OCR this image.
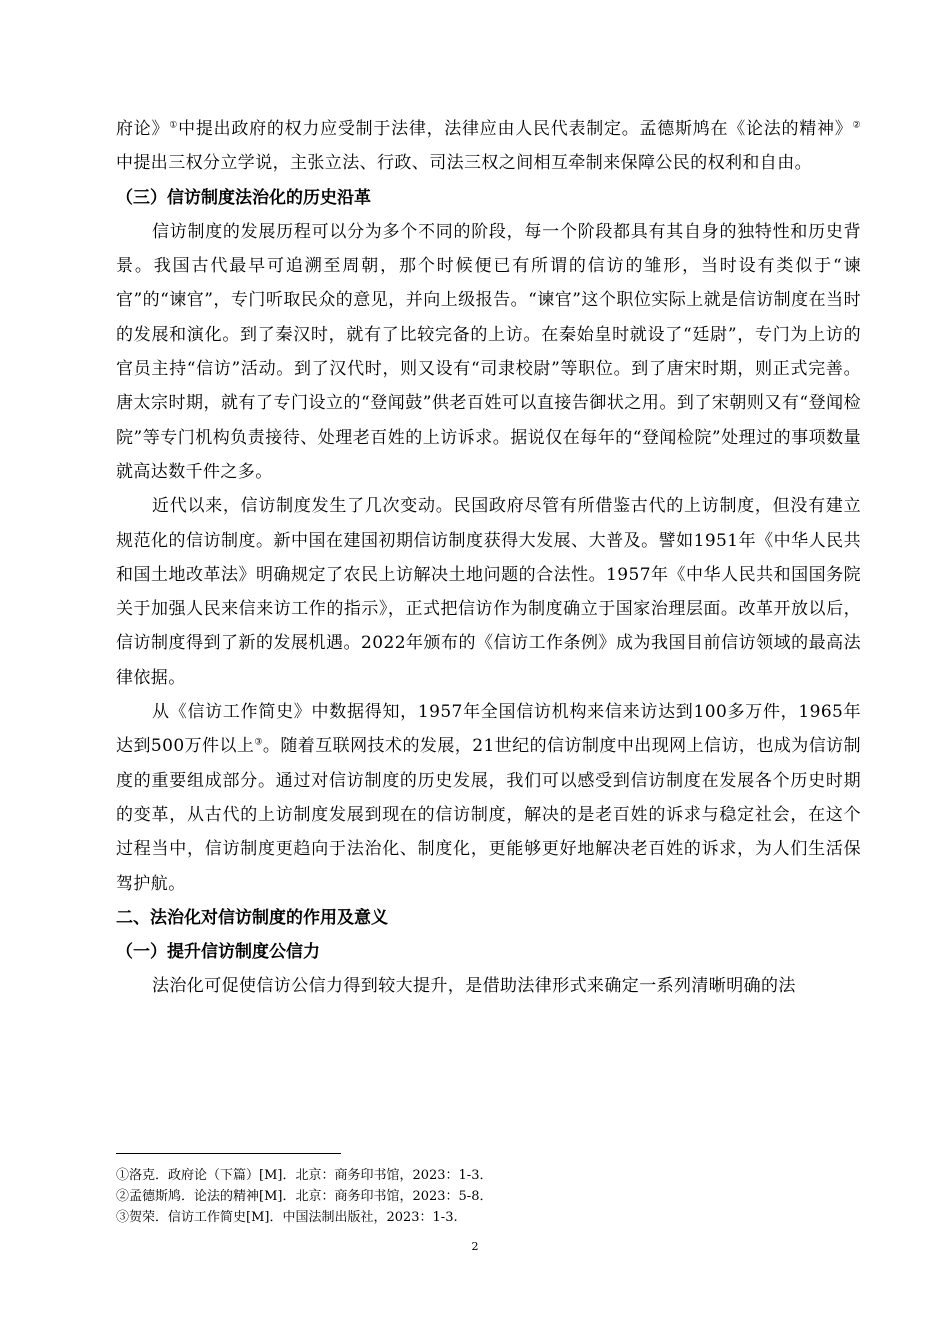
府论》①中提出政府的权力应受制于法律，法律应由人民代表制定。孟德斯鸠在《论法的精神》②中提出三权分立学说，主张立法、行政、司法三权之间相互牵制来保障公民的权利和自由。

（三）信访制度法治化的历史沿革

信访制度的发展历程可以分为多个不同的阶段，每一个阶段都具有其自身的独特性和历史背景。我国古代最早可追溯至周朝，那个时候便已有所谓的信访的雏形，当时设有类似于“谏官”的“谏官”，专门听取民众的意见，并向上级报告。“谏官”这个职位实际上就是信访制度在当时的发展和演化。到了秦汉时，就有了比较完备的上访。在秦始皇时就设了“廷尉”，专门为上访的官员主持“信访”活动。到了汉代时，则又设有“司隶校尉”等职位。到了唐宋时期，则正式完善。唐太宗时期，就有了专门设立的“登闻鼓”供老百姓可以直接告御状之用。到了宋朝则又有“登闻检院”等专门机构负责接待、处理老百姓的上访诉求。据说仅在每年的“登闻检院”处理过的事项数量就高达数千件之多。

近代以来，信访制度发生了几次变动。民国政府尽管有所借鉴古代的上访制度，但没有建立规范化的信访制度。新中国在建国初期信访制度获得大发展、大普及。譬如1951年《中华人民共和国土地改革法》明确规定了农民上访解决土地问题的合法性。1957年《中华人民共和国国务院关于加强人民来信来访工作的指示》，正式把信访作为制度确立于国家治理层面。改革开放以后，信访制度得到了新的发展机遇。2022年颁布的《信访工作条例》成为我国目前信访领域的最高法律依据。

从《信访工作简史》中数据得知，1957年全国信访机构来信来访达到100多万件，1965年达到500万件以上③。随着互联网技术的发展，21世纪的信访制度中出现网上信访，也成为信访制度的重要组成部分。通过对信访制度的历史发展，我们可以感受到信访制度在发展各个历史时期的变革，从古代的上访制度发展到现在的信访制度，解决的是老百姓的诉求与稳定社会，在这个过程当中，信访制度更趋向于法治化、制度化，更能够更好地解决老百姓的诉求，为人们生活保驾护航。

二、法治化对信访制度的作用及意义
（一）提升信访制度公信力

法治化可促使信访公信力得到较大提升，是借助法律形式来确定一系列清晰明确的法

①洛克．政府论（下篇）[M]．北京：商务印书馆，2023：1-3．

②孟德斯鸠．论法的精神[M]．北京：商务印书馆，2023：5-8．

③贺荣．信访工作简史[M]．中国法制出版社，2023：1-3.

2
